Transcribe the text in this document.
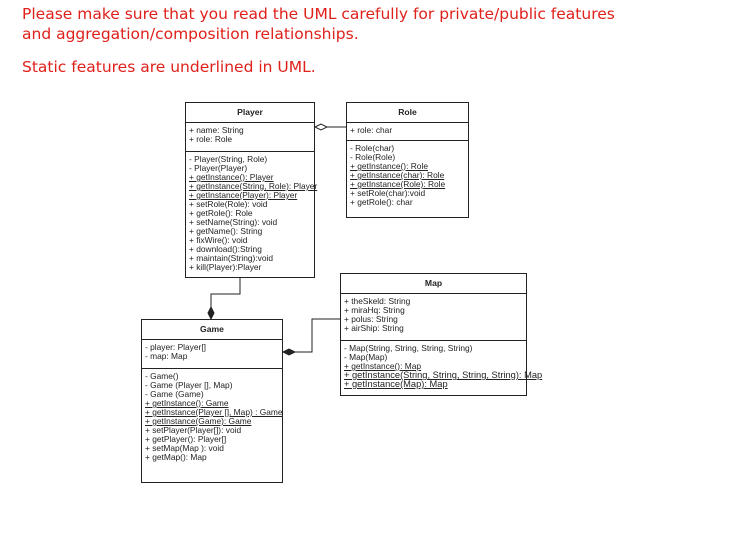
Please make sure that you read the UML carefully for private/public features

and aggregation/composition relationships.

Static features are underlined in UML.

Player
+ name: String
+ role: Role
- Player(String, Role)
- Player(Player)
+ getInstance(): Player
+ getInstance(String, Role): Player
+ getInstance(Player): Player
+ setRole(Role): void
+ getRole(): Role
+ setName(String): void
+ getName(): String
+ fixWire(): void
+ download():String
+ maintain(String):void
+ kill(Player):Player
Role
+ role: char
- Role(char)
- Role(Role)
+ getInstance(): Role
+ getInstance(char): Role
+ getInstance(Role): Role
+ setRole(char):void
+ getRole(): char
Map
+ theSkeld: String
+ miraHq: String
+ polus: String
+ airShip: String
- Map(String, String, String, String)
- Map(Map)
+ getInstance(): Map
+ getInstance(String, String, String, String): Map
+ getInstance(Map): Map
Game
- player: Player[]
- map: Map
- Game()
- Game (Player [], Map)
- Game (Game)
+ getInstance(): Game
+ getInstance(Player [], Map) : Game
+ getInstance(Game): Game
+ setPlayer(Player[]): void
+ getPlayer(): Player[]
+ setMap(Map ): void
+ getMap(): Map
